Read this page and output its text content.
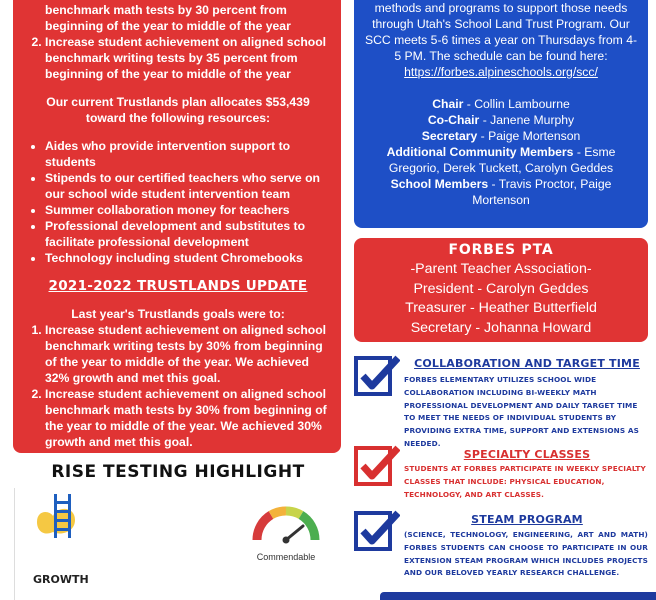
benchmark math tests by 30 percent from beginning of the year to middle of the year
2. Increase student achievement on aligned school benchmark writing tests by 35 percent from beginning of the year to middle of the year

Our current Trustlands plan allocates $53,439 toward the following resources:

• Aides who provide intervention support to students
• Stipends to our certified teachers who serve on our school wide student intervention team
• Summer collaboration money for teachers
• Professional development and substitutes to facilitate professional development
• Technology including student Chromebooks
2021-2022 TRUSTLANDS UPDATE

Last year's Trustlands goals were to:

1. Increase student achievement on aligned school benchmark writing tests by 30% from beginning of the year to middle of the year. We achieved 32% growth and met this goal.
2. Increase student achievement on aligned school benchmark math tests by 30% from beginning of the year to middle of the year. We achieved 30% growth and met this goal.
RISE TESTING HIGHLIGHT
Commendable
GROWTH

methods and programs to support those needs through Utah's School Land Trust Program. Our SCC meets 5-6 times a year on Thursdays from 4-5 PM. The schedule can be found here:

https://forbes.alpineschools.org/scc/

Chair - Collin Lambourne

Co-Chair - Janene Murphy

Secretary - Paige Mortenson

Additional Community Members - Esme Gregorio, Derek Tuckett, Carolyn Geddes

School Members - Travis Proctor, Paige Mortenson

FORBES PTA
-Parent Teacher Association-
President - Carolyn Geddes
Treasurer - Heather Butterfield
Secretary - Johanna Howard
COLLABORATION AND TARGET TIME
FORBES ELEMENTARY UTILIZES SCHOOL WIDE COLLABORATION INCLUDING BI-WEEKLY MATH PROFESSIONAL DEVELOPMENT AND DAILY TARGET TIME TO MEET THE NEEDS OF INDIVIDUAL STUDENTS BY PROVIDING EXTRA TIME, SUPPORT AND EXTENSIONS AS NEEDED.
SPECIALTY CLASSES
STUDENTS AT FORBES PARTICIPATE IN WEEKLY SPECIALTY CLASSES THAT INCLUDE: PHYSICAL EDUCATION, TECHNOLOGY, AND ART CLASSES.
STEAM PROGRAM
(SCIENCE, TECHNOLOGY, ENGINEERING, ART AND MATH) FORBES STUDENTS CAN CHOOSE TO PARTICIPATE IN OUR EXTENSION STEAM PROGRAM WHICH INCLUDES PROJECTS AND OUR BELOVED YEARLY RESEARCH CHALLENGE.
